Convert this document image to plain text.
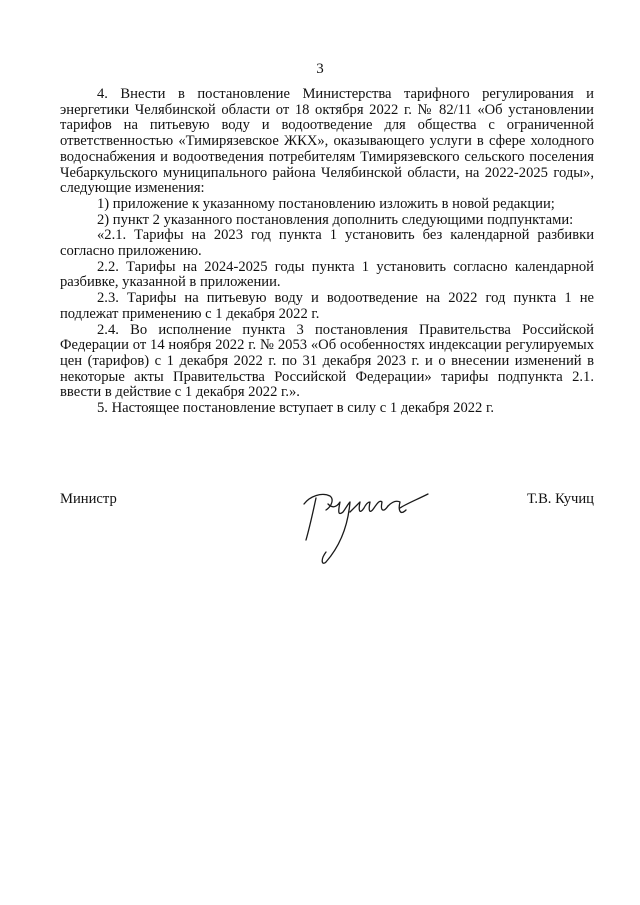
3

4. Внести в постановление Министерства тарифного регулирования и энергетики Челябинской области от 18 октября 2022 г. № 82/11 «Об установлении тарифов на питьевую воду и водоотведение для общества с ограниченной ответственностью «Тимирязевское ЖКХ», оказывающего услуги в сфере холодного водоснабжения и водоотведения потребителям Тимирязевского сельского поселения Чебаркульского муниципального района Челябинской области, на 2022-2025 годы», следующие изменения:

1) приложение к указанному постановлению изложить в новой редакции;

2) пункт 2 указанного постановления дополнить следующими подпунктами:

«2.1. Тарифы на 2023 год пункта 1 установить без календарной разбивки согласно приложению.

2.2. Тарифы на 2024-2025 годы пункта 1 установить согласно календарной разбивке, указанной в приложении.

2.3. Тарифы на питьевую воду и водоотведение на 2022 год пункта 1 не подлежат применению с 1 декабря 2022 г.

2.4. Во исполнение пункта 3 постановления Правительства Российской Федерации от 14 ноября 2022 г. № 2053 «Об особенностях индексации регулируемых цен (тарифов) с 1 декабря 2022 г. по 31 декабря 2023 г. и о внесении изменений в некоторые акты Правительства Российской Федерации» тарифы подпункта 2.1. ввести в действие с 1 декабря 2022 г.».

5. Настоящее постановление вступает в силу с 1 декабря 2022 г.

Министр	Т.В. Кучиц
